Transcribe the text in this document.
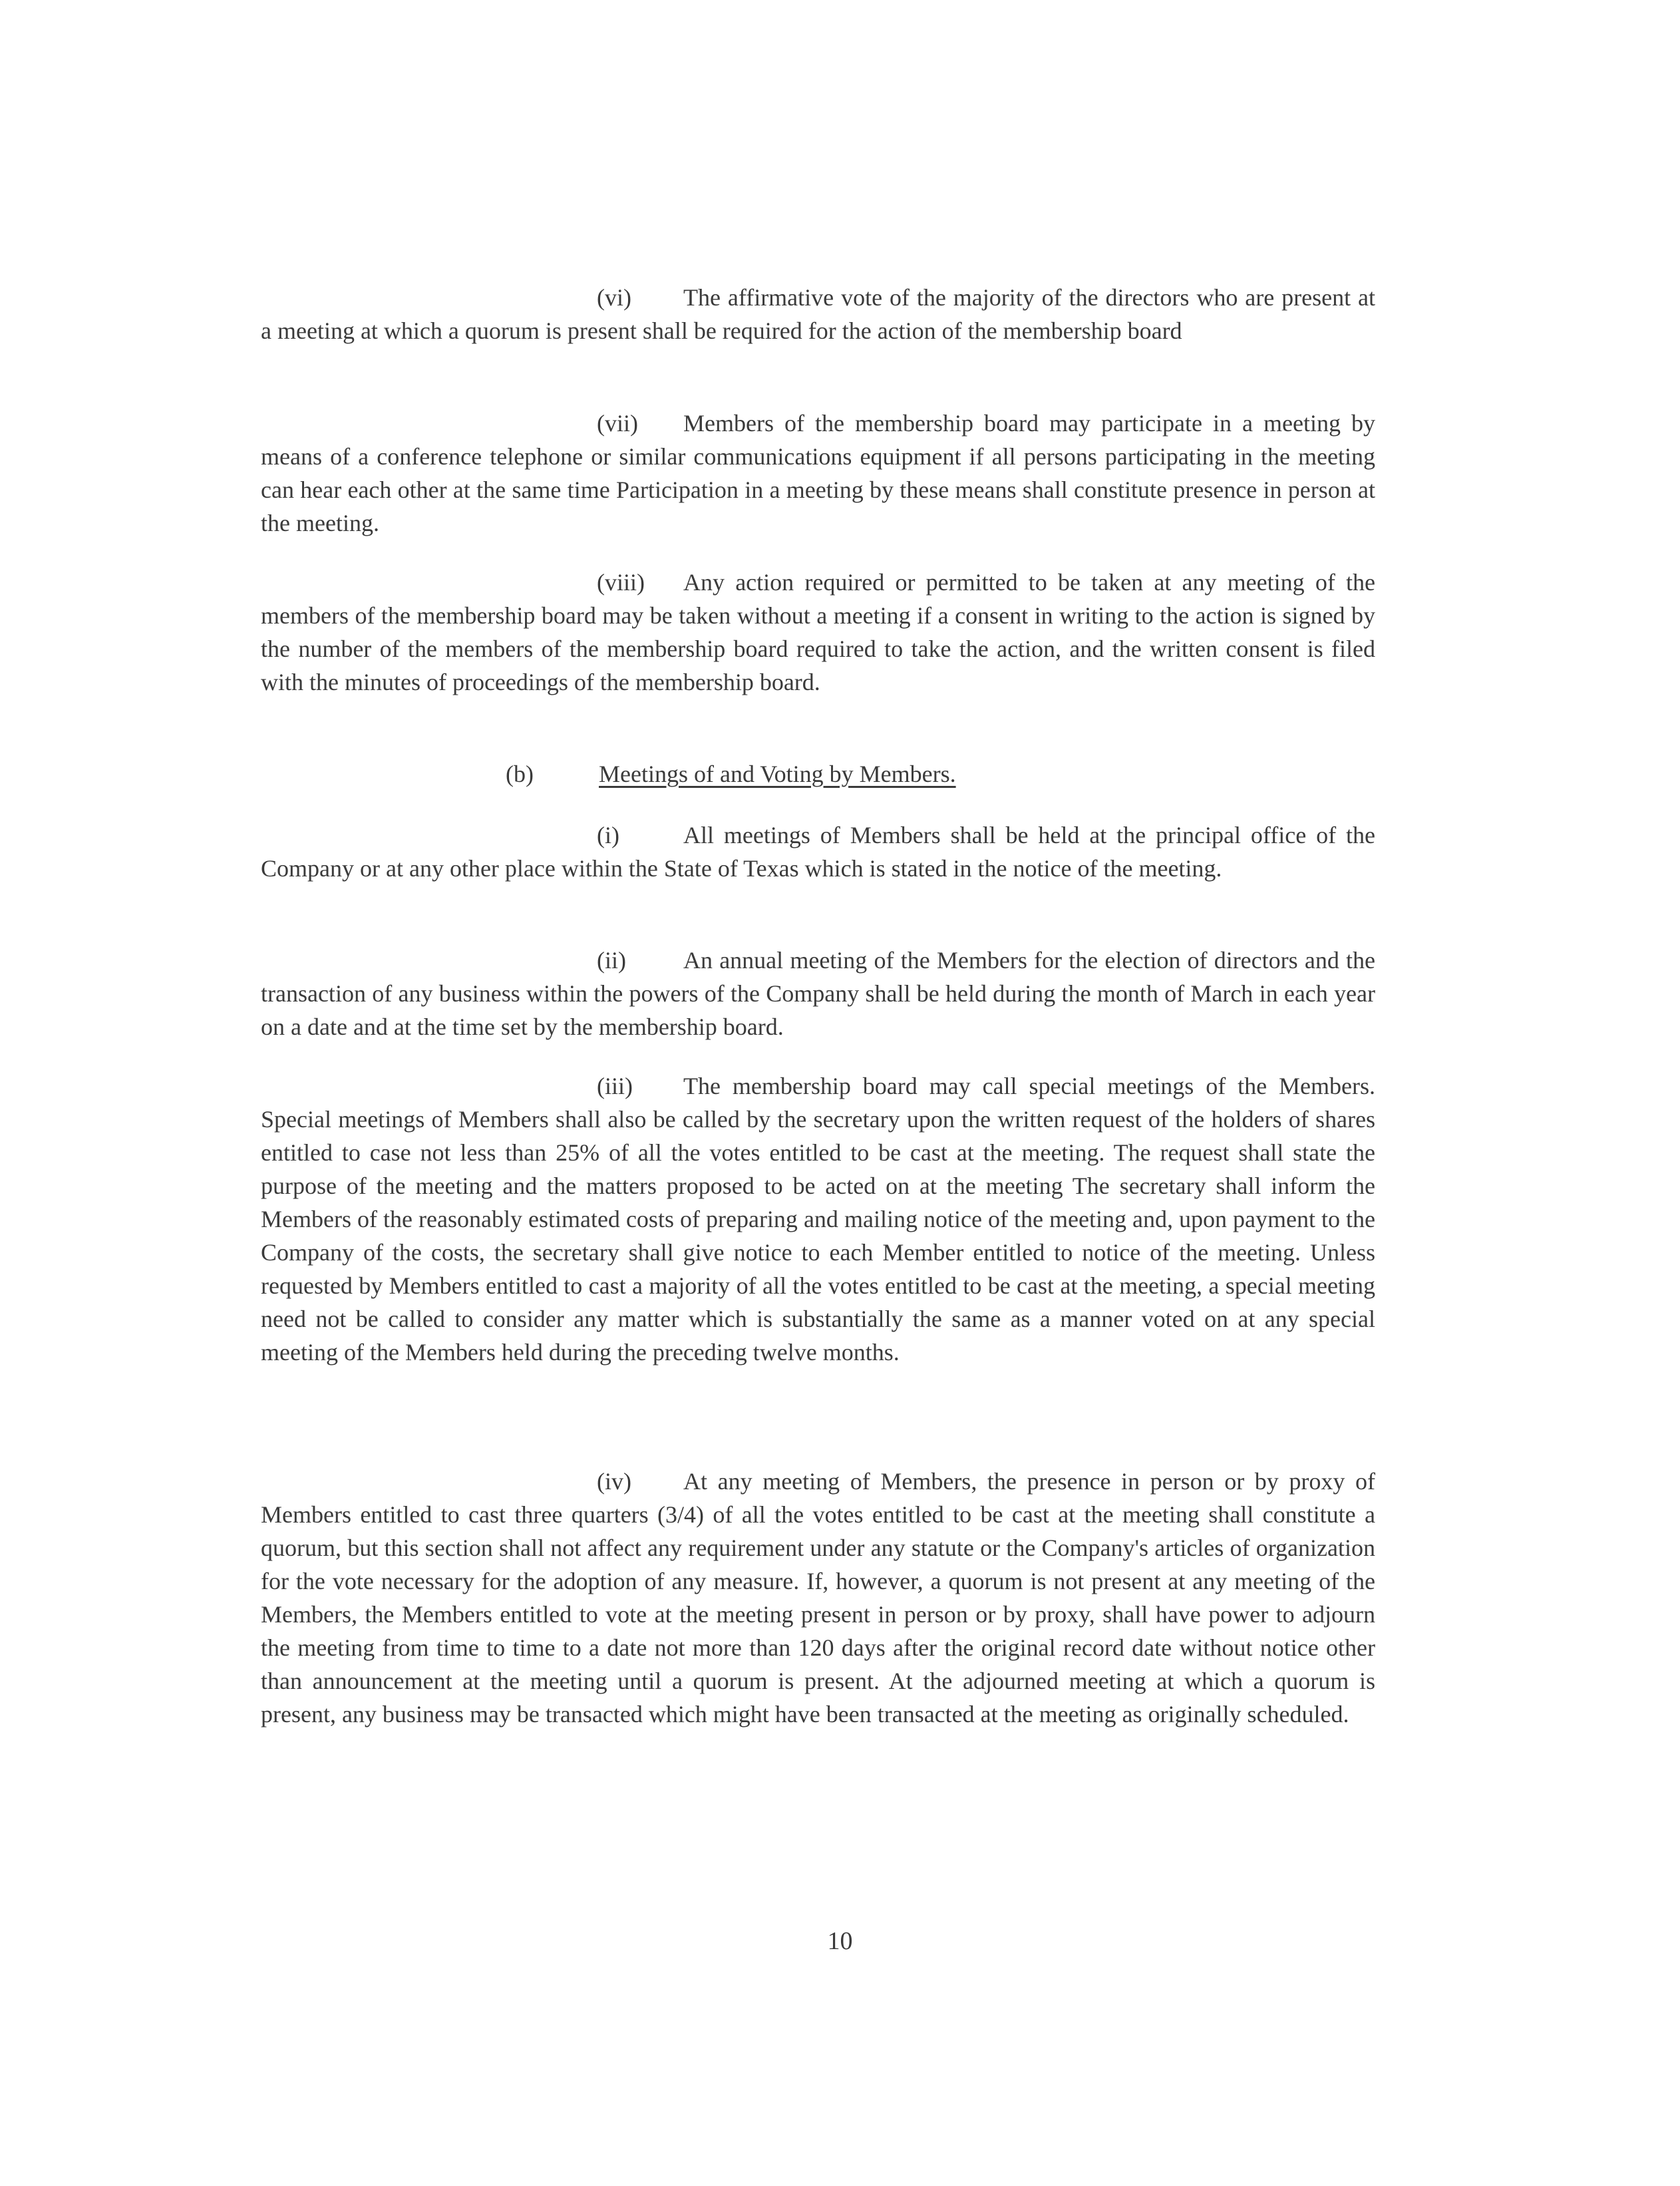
(vi) The affirmative vote of the majority of the directors who are present at a meeting at which a quorum is present shall be required for the action of the membership board

(vii) Members of the membership board may participate in a meeting by means of a conference telephone or similar communications equipment if all persons participating in the meeting can hear each other at the same time Participation in a meeting by these means shall constitute presence in person at the meeting.

(viii) Any action required or permitted to be taken at any meeting of the members of the membership board may be taken without a meeting if a consent in writing to the action is signed by the number of the members of the membership board required to take the action, and the written consent is filed with the minutes of proceedings of the membership board.

(b)	Meetings of and Voting by Members.

(i)	All meetings of Members shall be held at the principal office of the Company or at any other place within the State of Texas which is stated in the notice of the meeting.

(ii) An annual meeting of the Members for the election of directors and the transaction of any business within the powers of the Company shall be held during the month of March in each year on a date and at the time set by the membership board.

(iii) The membership board may call special meetings of the Members. Special meetings of Members shall also be called by the secretary upon the written request of the holders of shares entitled to case not less than 25% of all the votes entitled to be cast at the meeting. The request shall state the purpose of the meeting and the matters proposed to be acted on at the meeting The secretary shall inform the Members of the reasonably estimated costs of preparing and mailing notice of the meeting and, upon payment to the Company of the costs, the secretary shall give notice to each Member entitled to notice of the meeting. Unless requested by Members entitled to cast a majority of all the votes entitled to be cast at the meeting, a special meeting need not be called to consider any matter which is substantially the same as a manner voted on at any special meeting of the Members held during the preceding twelve months.

(iv) At any meeting of Members, the presence in person or by proxy of Members entitled to cast three quarters (3/4) of all the votes entitled to be cast at the meeting shall constitute a quorum, but this section shall not affect any requirement under any statute or the Company's articles of organization for the vote necessary for the adoption of any measure. If, however, a quorum is not present at any meeting of the Members, the Members entitled to vote at the meeting present in person or by proxy, shall have power to adjourn the meeting from time to time to a date not more than 120 days after the original record date without notice other than announcement at the meeting until a quorum is present. At the adjourned meeting at which a quorum is present, any business may be transacted which might have been transacted at the meeting as originally scheduled.

10
